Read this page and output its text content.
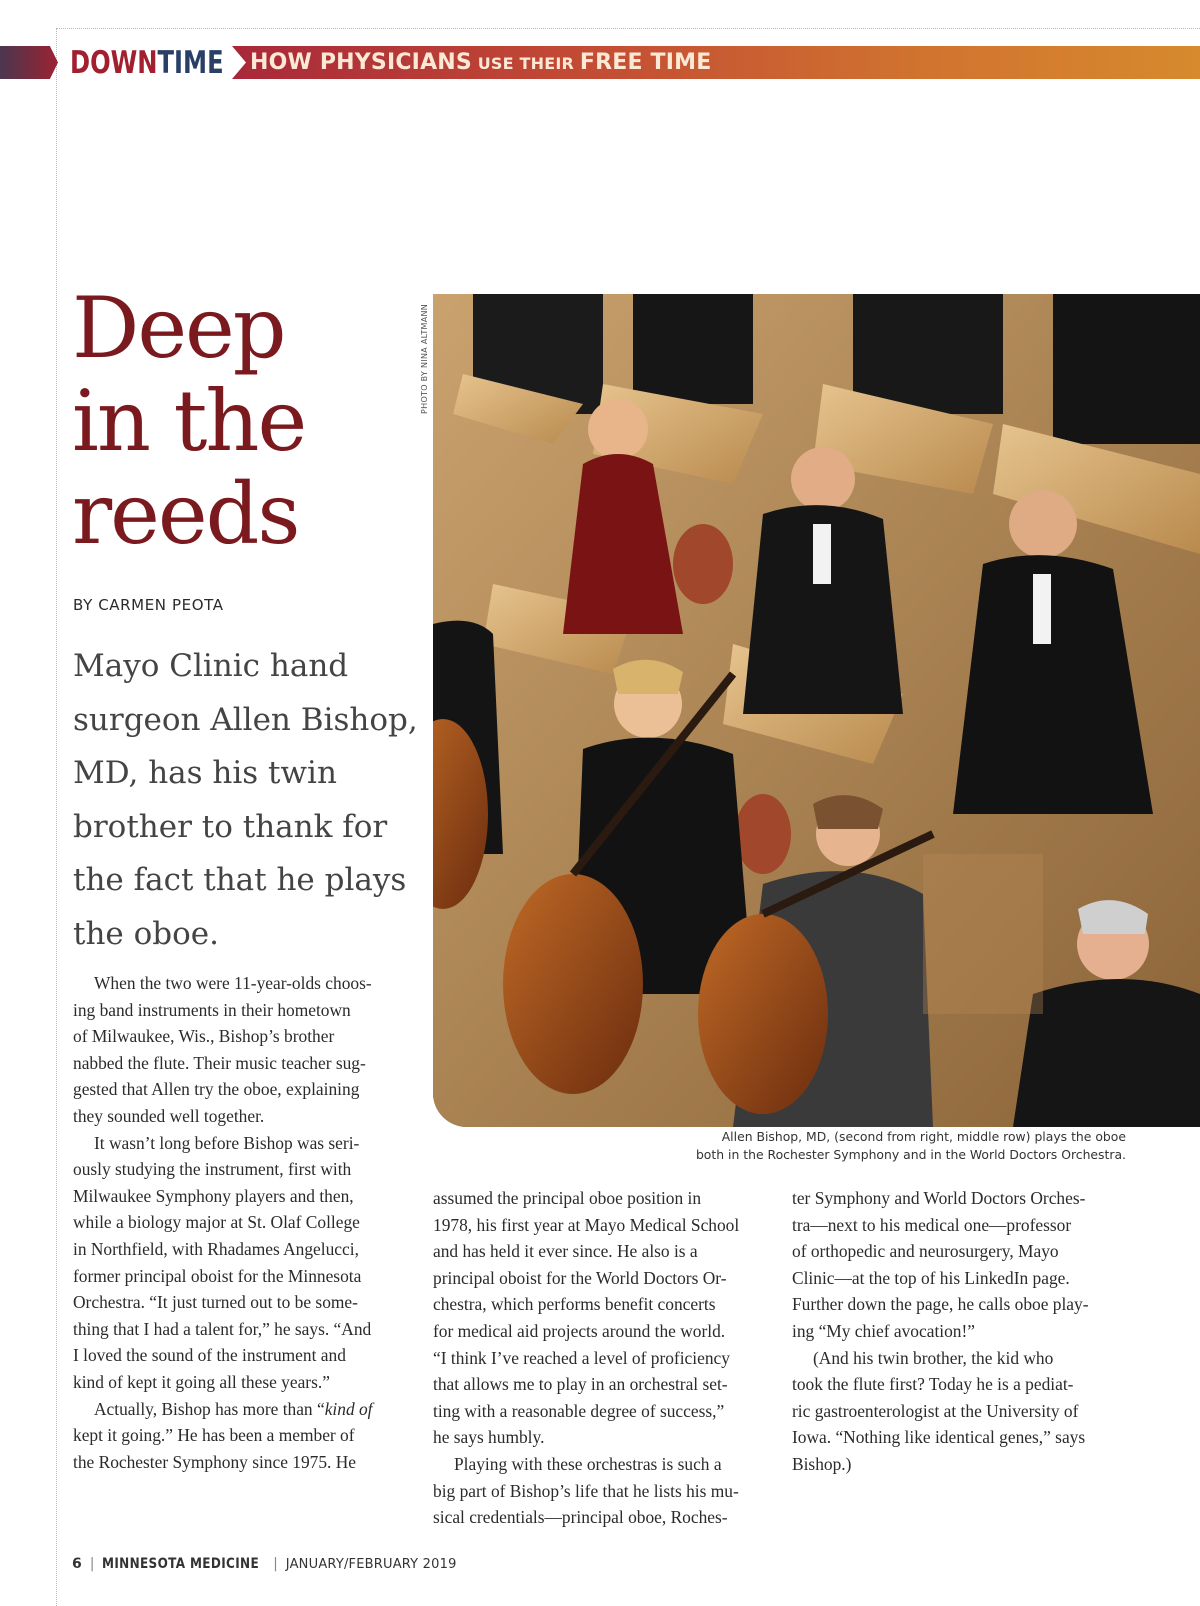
DOWNTIME HOW PHYSICIANS USE THEIR FREE TIME
Deep
in the
reeds
BY CARMEN PEOTA
Mayo Clinic hand surgeon Allen Bishop, MD, has his twin brother to thank for the fact that he plays the oboe.

When the two were 11-year-olds choos-

ing band instruments in their hometown

of Milwaukee, Wis., Bishop’s brother

nabbed the flute. Their music teacher sug-

gested that Allen try the oboe, explaining

they sounded well together.

It wasn’t long before Bishop was seri-

ously studying the instrument, first with

Milwaukee Symphony players and then,

while a biology major at St. Olaf College

in Northfield, with Rhadames Angelucci,

former principal oboist for the Minnesota

Orchestra. “It just turned out to be some-

thing that I had a talent for,” he says. “And

I loved the sound of the instrument and

kind of kept it going all these years.”

Actually, Bishop has more than “kind of

kept it going.” He has been a member of

the Rochester Symphony since 1975. He

assumed the principal oboe position in

1978, his first year at Mayo Medical School

and has held it ever since. He also is a

principal oboist for the World Doctors Or-

chestra, which performs benefit concerts

for medical aid projects around the world.

“I think I’ve reached a level of proficiency

that allows me to play in an orchestral set-

ting with a reasonable degree of success,”

he says humbly.

Playing with these orchestras is such a

big part of Bishop’s life that he lists his mu-

sical credentials—principal oboe, Roches-

ter Symphony and World Doctors Orches-

tra—next to his medical one—professor

of orthopedic and neurosurgery, Mayo

Clinic—at the top of his LinkedIn page.

Further down the page, he calls oboe play-

ing “My chief avocation!”

(And his twin brother, the kid who

took the flute first? Today he is a pediat-

ric gastroenterologist at the University of

Iowa. “Nothing like identical genes,” says

Bishop.)

PHOTO BY NINA ALTMANN
Allen Bishop, MD, (second from right, middle row) plays the oboe
both in the Rochester Symphony and in the World Doctors Orchestra.
6 | MINNESOTA MEDICINE | JANUARY/FEBRUARY 2019
